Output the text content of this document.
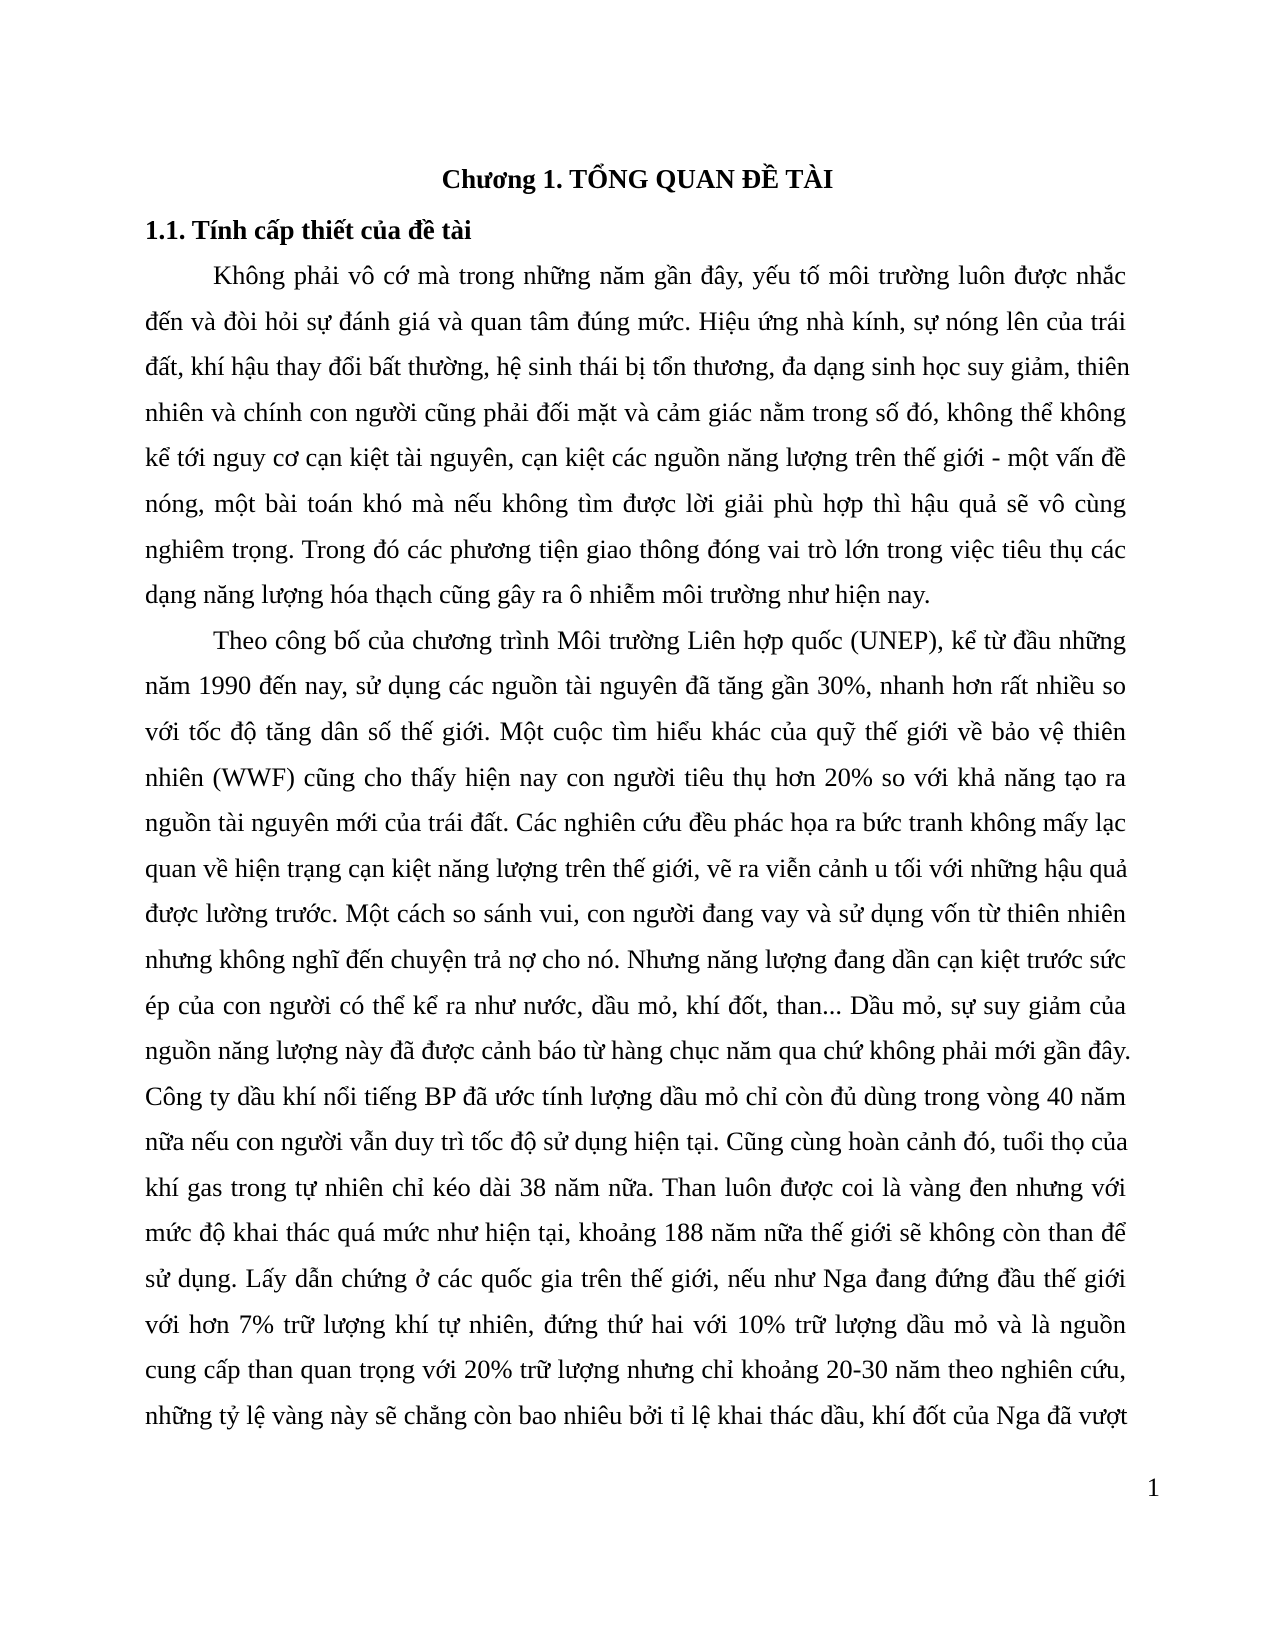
Chương 1. TỔNG QUAN ĐỀ TÀI
1.1. Tính cấp thiết của đề tài
Không phải vô cớ mà trong những năm gần đây, yếu tố môi trường luôn được nhắc
đến và đòi hỏi sự đánh giá và quan tâm đúng mức. Hiệu ứng nhà kính, sự nóng lên của trái
đất, khí hậu thay đổi bất thường, hệ sinh thái bị tổn thương, đa dạng sinh học suy giảm, thiên
nhiên và chính con người cũng phải đối mặt và cảm giác nằm trong số đó, không thể không
kể tới nguy cơ cạn kiệt tài nguyên, cạn kiệt các nguồn năng lượng trên thế giới - một vấn đề
nóng, một bài toán khó mà nếu không tìm được lời giải phù hợp thì hậu quả sẽ vô cùng
nghiêm trọng. Trong đó các phương tiện giao thông đóng vai trò lớn trong việc tiêu thụ các
dạng năng lượng hóa thạch cũng gây ra ô nhiễm môi trường như hiện nay.
Theo công bố của chương trình Môi trường Liên hợp quốc (UNEP), kể từ đầu những
năm 1990 đến nay, sử dụng các nguồn tài nguyên đã tăng gần 30%, nhanh hơn rất nhiều so
với tốc độ tăng dân số thế giới. Một cuộc tìm hiểu khác của quỹ thế giới về bảo vệ thiên
nhiên (WWF) cũng cho thấy hiện nay con người tiêu thụ hơn 20% so với khả năng tạo ra
nguồn tài nguyên mới của trái đất. Các nghiên cứu đều phác họa ra bức tranh không mấy lạc
quan về hiện trạng cạn kiệt năng lượng trên thế giới, vẽ ra viễn cảnh u tối với những hậu quả
được lường trước. Một cách so sánh vui, con người đang vay và sử dụng vốn từ thiên nhiên
nhưng không nghĩ đến chuyện trả nợ cho nó. Nhưng năng lượng đang dần cạn kiệt trước sức
ép của con người có thể kể ra như nước, dầu mỏ, khí đốt, than... Dầu mỏ, sự suy giảm của
nguồn năng lượng này đã được cảnh báo từ hàng chục năm qua chứ không phải mới gần đây.
Công ty dầu khí nổi tiếng BP đã ước tính lượng dầu mỏ chỉ còn đủ dùng trong vòng 40 năm
nữa nếu con người vẫn duy trì tốc độ sử dụng hiện tại. Cũng cùng hoàn cảnh đó, tuổi thọ của
khí gas trong tự nhiên chỉ kéo dài 38 năm nữa. Than luôn được coi là vàng đen nhưng với
mức độ khai thác quá mức như hiện tại, khoảng 188 năm nữa thế giới sẽ không còn than để
sử dụng. Lấy dẫn chứng ở các quốc gia trên thế giới, nếu như Nga đang đứng đầu thế giới
với hơn 7% trữ lượng khí tự nhiên, đứng thứ hai với 10% trữ lượng dầu mỏ và là nguồn
cung cấp than quan trọng với 20% trữ lượng nhưng chỉ khoảng 20-30 năm theo nghiên cứu,
những tỷ lệ vàng này sẽ chẳng còn bao nhiêu bởi tỉ lệ khai thác dầu, khí đốt của Nga đã vượt
1
